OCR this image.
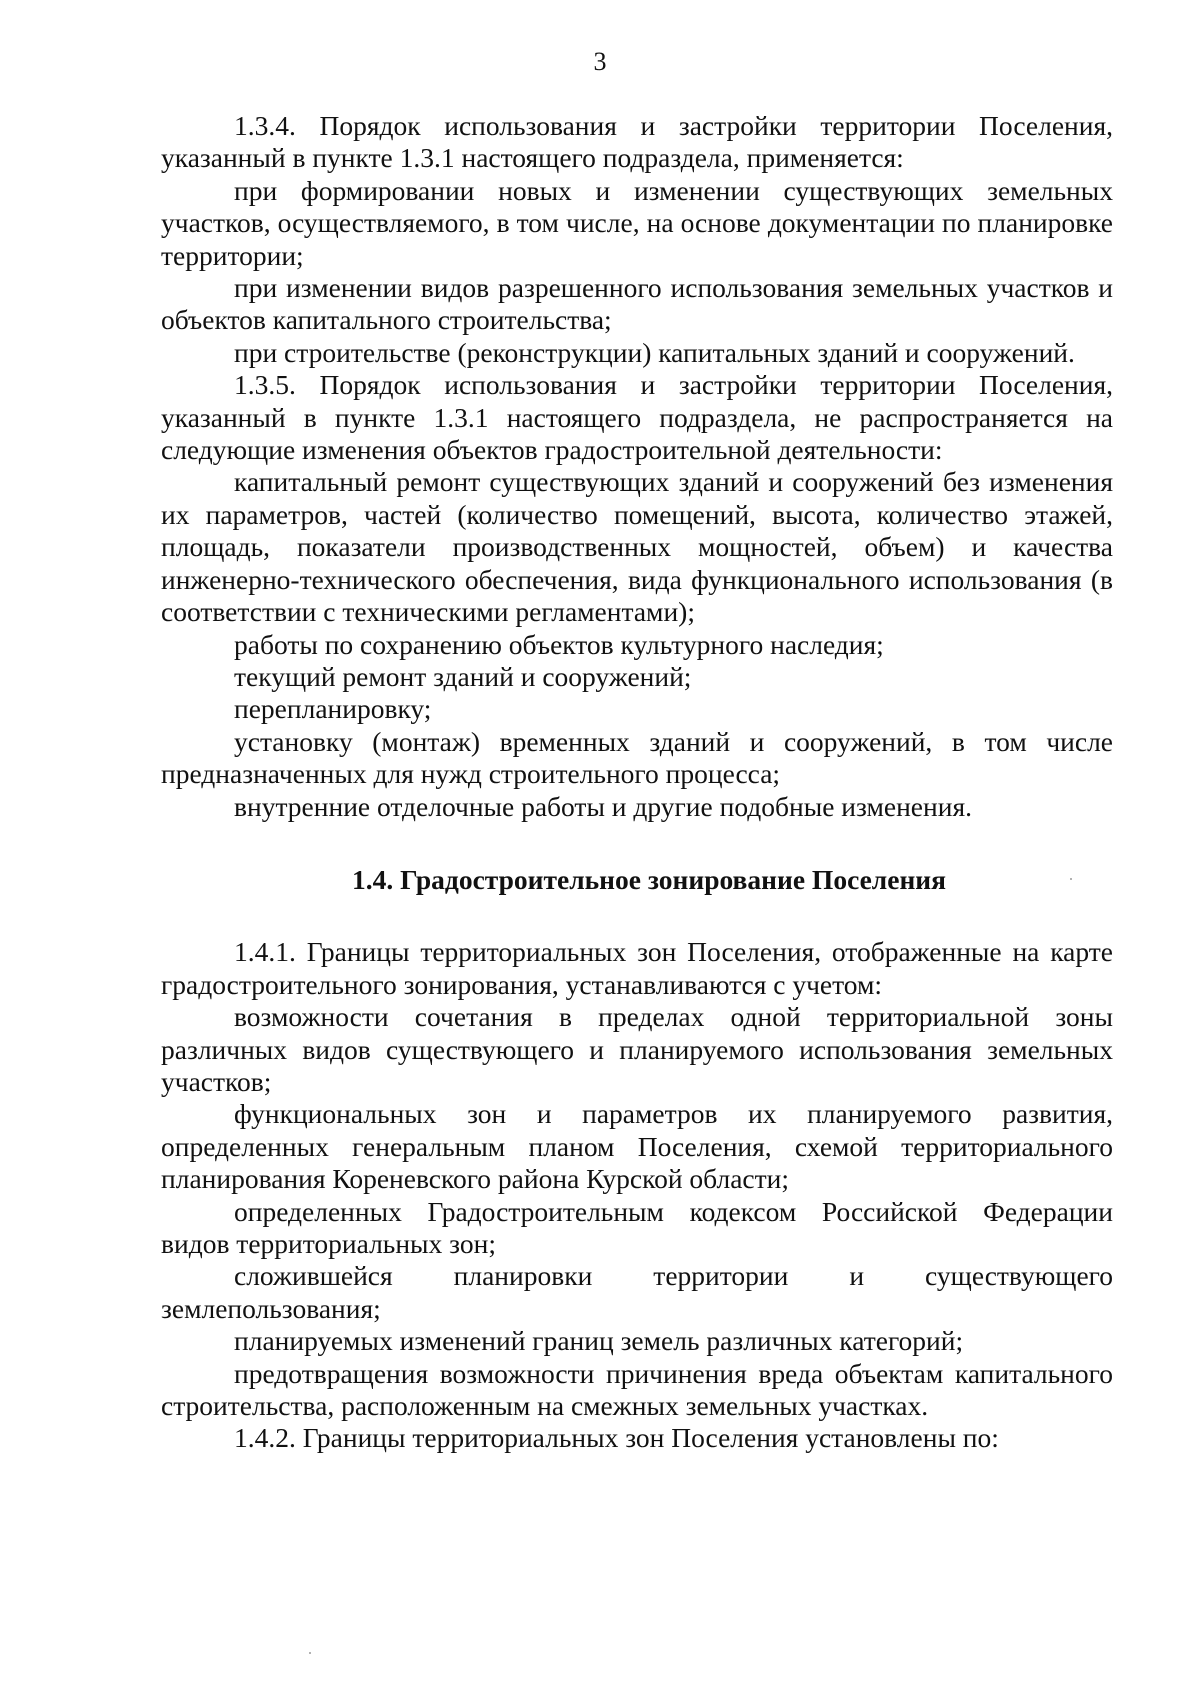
3

1.3.4. Порядок использования и застройки территории Поселения, указанный в пункте 1.3.1 настоящего подраздела, применяется:

при формировании новых и изменении существующих земельных участков, осуществляемого, в том числе, на основе документации по планировке территории;

при изменении видов разрешенного использования земельных участков и объектов капитального строительства;

при строительстве (реконструкции) капитальных зданий и сооружений.

1.3.5. Порядок использования и застройки территории Поселения, указанный в пункте 1.3.1 настоящего подраздела, не распространяется на следующие изменения объектов градостроительной деятельности:

капитальный ремонт существующих зданий и сооружений без изменения их параметров, частей (количество помещений, высота, количество этажей, площадь, показатели производственных мощностей, объем) и качества инженерно-технического обеспечения, вида функционального использования (в соответствии с техническими регламентами);

работы по сохранению объектов культурного наследия;

текущий ремонт зданий и сооружений;

перепланировку;

установку (монтаж) временных зданий и сооружений, в том числе предназначенных для нужд строительного процесса;

внутренние отделочные работы и другие подобные изменения.

1.4. Градостроительное зонирование Поселения

1.4.1. Границы территориальных зон Поселения, отображенные на карте градостроительного зонирования, устанавливаются с учетом:

возможности сочетания в пределах одной территориальной зоны различных видов существующего и планируемого использования земельных участков;

функциональных зон и параметров их планируемого развития, определенных генеральным планом Поселения, схемой территориального планирования Кореневского района Курской области;

определенных Градостроительным кодексом Российской Федерации видов территориальных зон;

сложившейся планировки территории и существующего землепользования;

планируемых изменений границ земель различных категорий;

предотвращения возможности причинения вреда объектам капитального строительства, расположенным на смежных земельных участках.

1.4.2. Границы территориальных зон Поселения установлены по:
